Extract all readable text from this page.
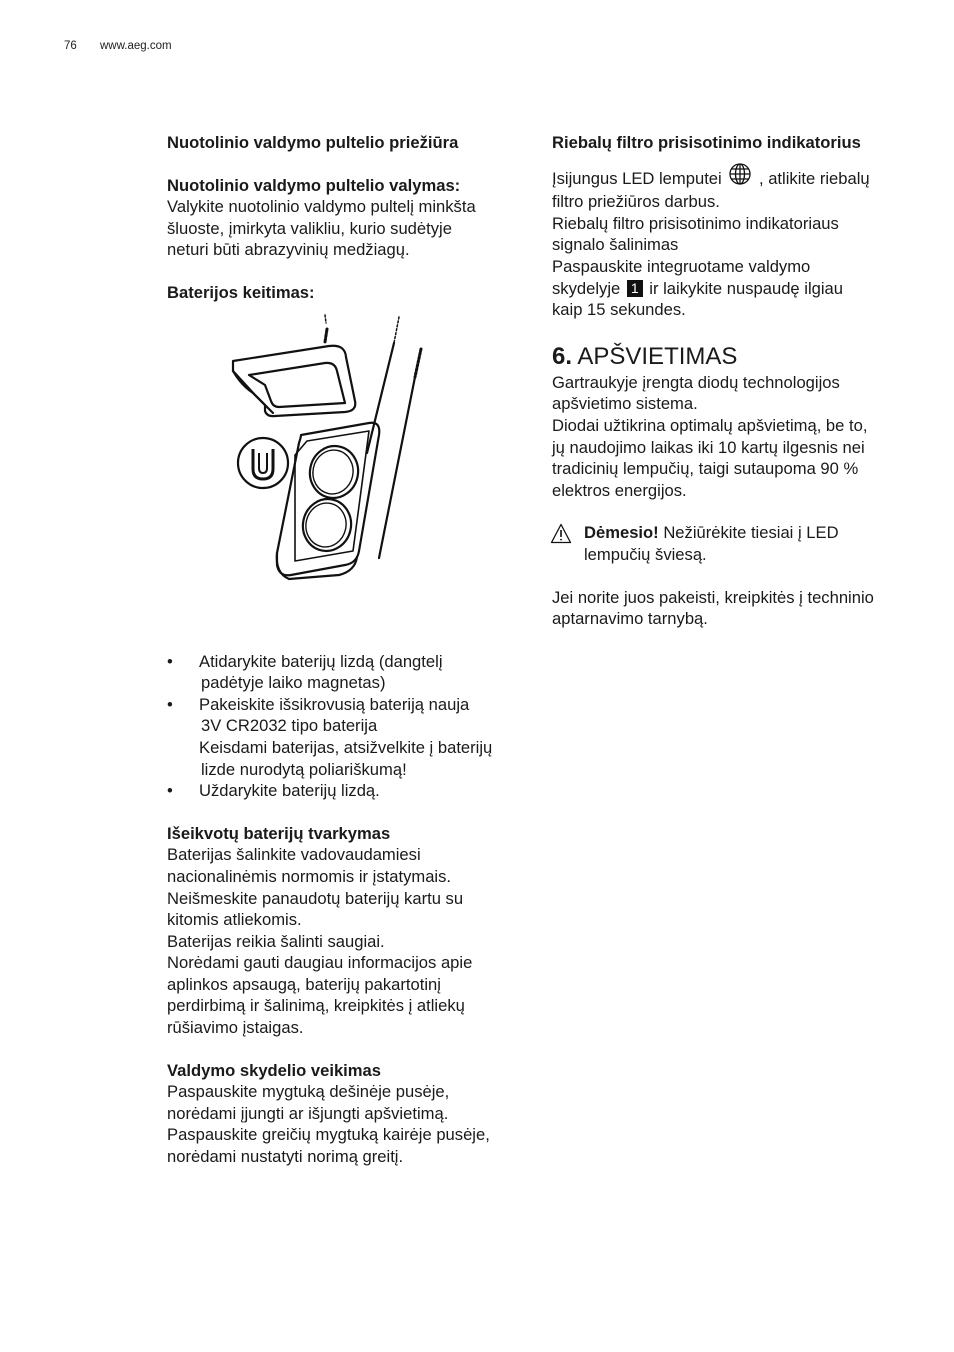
76 www.aeg.com
Nuotolinio valdymo pultelio priežiūra
Nuotolinio valdymo pultelio valymas:
Valykite nuotolinio valdymo pultelį minkšta
šluoste, įmirkyta valikliu, kurio sudėtyje
neturi būti abrazyvinių medžiagų.
Baterijos keitimas:
• Atidarykite baterijų lizdą (dangtelį
padėtyje laiko magnetas)
• Pakeiskite išsikrovusią bateriją nauja
3V CR2032 tipo baterija
Keisdami baterijas, atsižvelkite į baterijų
lizde nurodytą poliariškumą!
• Uždarykite baterijų lizdą.
Išeikvotų baterijų tvarkymas
Baterijas šalinkite vadovaudamiesi
nacionalinėmis normomis ir įstatymais.
Neišmeskite panaudotų baterijų kartu su
kitomis atliekomis.
Baterijas reikia šalinti saugiai.
Norėdami gauti daugiau informacijos apie
aplinkos apsaugą, baterijų pakartotinį
perdirbimą ir šalinimą, kreipkitės į atliekų
rūšiavimo įstaigas.
Valdymo skydelio veikimas
Paspauskite mygtuką dešinėje pusėje,
norėdami įjungti ar išjungti apšvietimą.
Paspauskite greičių mygtuką kairėje pusėje,
norėdami nustatyti norimą greitį.
Riebalų filtro prisisotinimo indikatorius
Įsijungus LED lemputei , atlikite riebalų
filtro priežiūros darbus.
Riebalų filtro prisisotinimo indikatoriaus
signalo šalinimas
Paspauskite integruotame valdymo
skydelyje 1 ir laikykite nuspaudę ilgiau
kaip 15 sekundes.
6. APŠVIETIMAS
Gartraukyje įrengta diodų technologijos
apšvietimo sistema.
Diodai užtikrina optimalų apšvietimą, be to,
jų naudojimo laikas iki 10 kartų ilgesnis nei
tradicinių lempučių, taigi sutaupoma 90 %
elektros energijos.
Dėmesio! Nežiūrėkite tiesiai į LED
lempučių šviesą.
Jei norite juos pakeisti, kreipkitės į techninio
aptarnavimo tarnybą.
